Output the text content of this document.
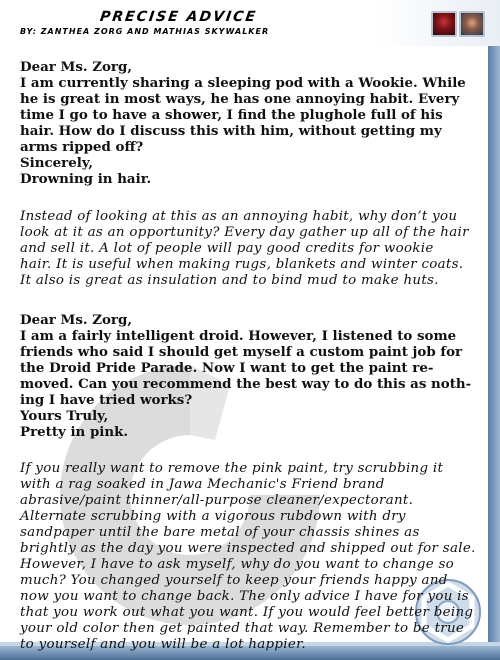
PRECISE ADVICE
BY: ZANTHEA ZORG AND MATHIAS SKYWALKER
Dear Ms. Zorg,
I am currently sharing a sleeping pod with a Wookie. While
he is great in most ways, he has one annoying habit. Every
time I go to have a shower, I find the plughole full of his
hair. How do I discuss this with him, without getting my
arms ripped off?
Sincerely,
Drowning in hair.
Instead of looking at this as an annoying habit, why don’t you
look at it as an opportunity? Every day gather up all of the hair
and sell it. A lot of people will pay good credits for wookie
hair. It is useful when making rugs, blankets and winter coats.
It also is great as insulation and to bind mud to make huts.
Dear Ms. Zorg,
I am a fairly intelligent droid. However, I listened to some
friends who said I should get myself a custom paint job for
the Droid Pride Parade. Now I want to get the paint re-
moved. Can you recommend the best way to do this as noth-
ing I have tried works?
Yours Truly,
Pretty in pink.
If you really want to remove the pink paint, try scrubbing it
with a rag soaked in Jawa Mechanic's Friend brand
abrasive/paint thinner/all-purpose cleaner/expectorant.
Alternate scrubbing with a vigorous rubdown with dry
sandpaper until the bare metal of your chassis shines as
brightly as the day you were inspected and shipped out for sale.
However, I have to ask myself, why do you want to change so
much? You changed yourself to keep your friends happy and
now you want to change back. The only advice I have for you is
that you work out what you want. If you would feel better being
your old color then get painted that way. Remember to be true
to yourself and you will be a lot happier.
